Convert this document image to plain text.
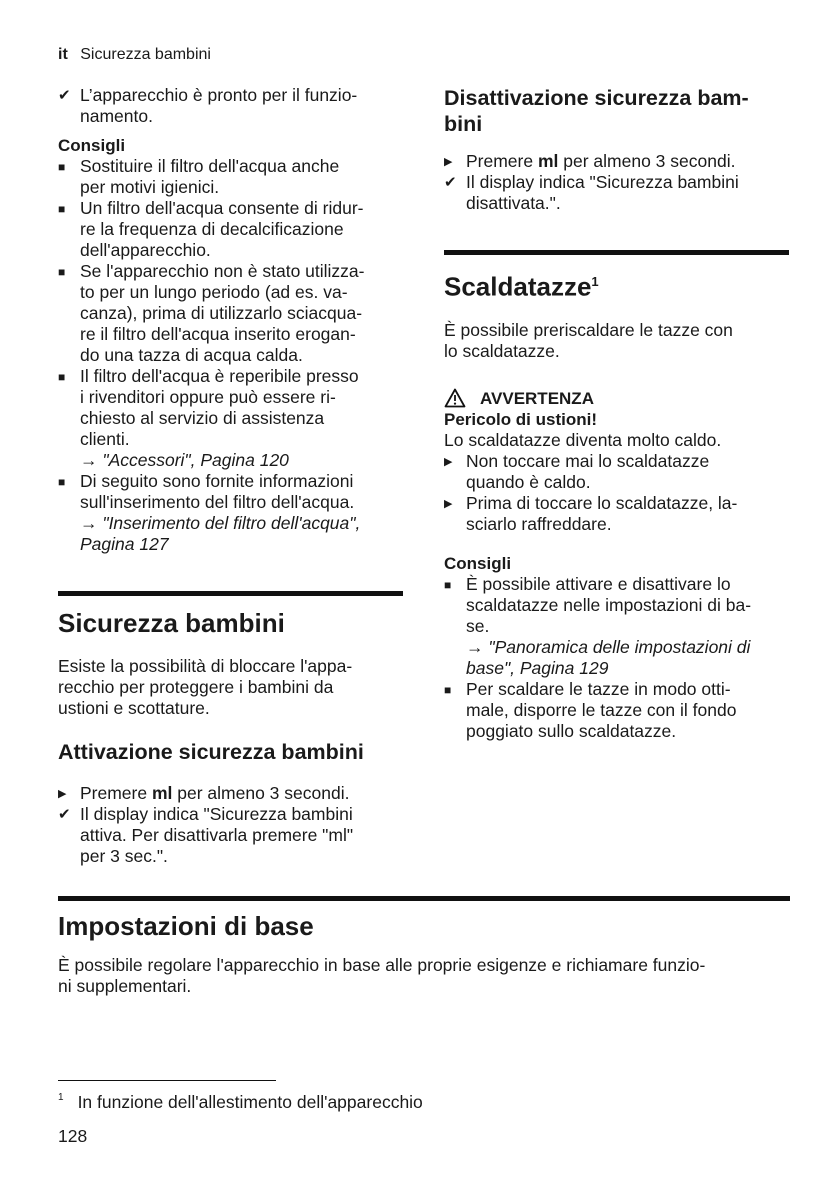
it Sicurezza bambini
✔ L’apparecchio è pronto per il funzio-
namento.
Consigli
■ Sostituire il filtro dell'acqua anche
per motivi igienici.
■ Un filtro dell'acqua consente di ridur-
re la frequenza di decalcificazione
dell'apparecchio.
■ Se l'apparecchio non è stato utilizza-
to per un lungo periodo (ad es. va-
canza), prima di utilizzarlo sciacqua-
re il filtro dell'acqua inserito erogan-
do una tazza di acqua calda.
■ Il filtro dell'acqua è reperibile presso
i rivenditori oppure può essere ri-
chiesto al servizio di assistenza
clienti.
→ "Accessori", Pagina 120
■ Di seguito sono fornite informazioni
sull'inserimento del filtro dell'acqua.
→ "Inserimento del filtro dell'acqua",
Pagina 127
Sicurezza bambini

Esiste la possibilità di bloccare l'appa-
recchio per proteggere i bambini da
ustioni e scottature.

Attivazione sicurezza bambini
▶ Premere ml per almeno 3 secondi.
✔ Il display indica "Sicurezza bambini
attiva. Per disattivarla premere "ml"
per 3 sec.".
Disattivazione sicurezza bam-
bini
▶ Premere ml per almeno 3 secondi.
✔ Il display indica "Sicurezza bambini
disattivata.".
Scaldatazze$^1$

È possibile preriscaldare le tazze con
lo scaldatazze.

AVVERTENZA
Pericolo di ustioni!
Lo scaldatazze diventa molto caldo.
▶ Non toccare mai lo scaldatazze
quando è caldo.
▶ Prima di toccare lo scaldatazze, la-
sciarlo raffreddare.
Consigli
■ È possibile attivare e disattivare lo
scaldatazze nelle impostazioni di ba-
se.
→ "Panoramica delle impostazioni di
base", Pagina 129
■ Per scaldare le tazze in modo otti-
male, disporre le tazze con il fondo
poggiato sullo scaldatazze.
Impostazioni di base

È possibile regolare l'apparecchio in base alle proprie esigenze e richiamare funzio-
ni supplementari.

$^1$ In funzione dell'allestimento dell'apparecchio
128
